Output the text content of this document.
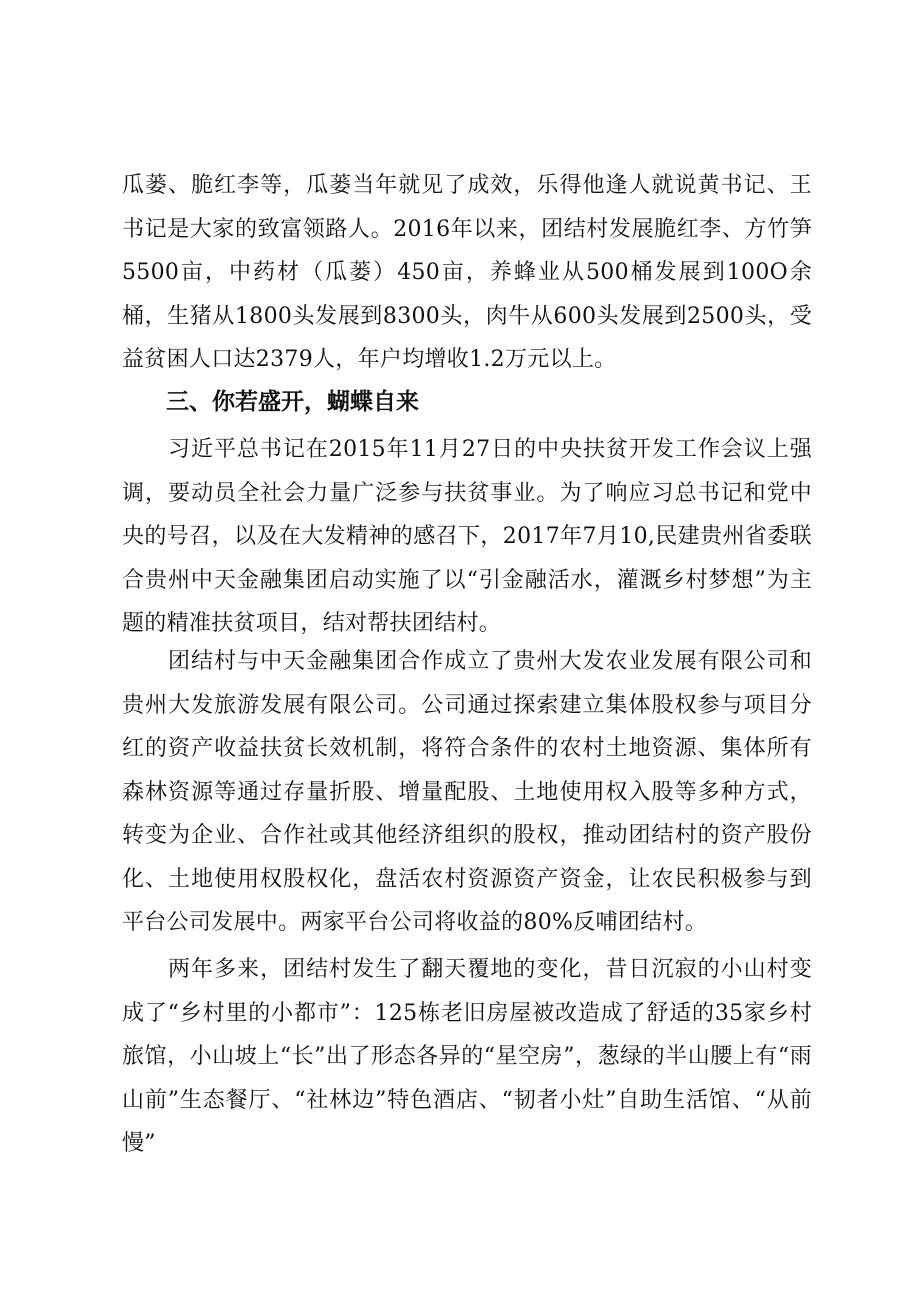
瓜蒌、脆红李等，瓜蒌当年就见了成效，乐得他逢人就说黄书记、王书记是大家的致富领路人。2016年以来，团结村发展脆红李、方竹笋5500亩，中药材（瓜蒌）450亩，养蜂业从500桶发展到100O余桶，生猪从1800头发展到8300头，肉牛从600头发展到2500头，受益贫困人口达2379人，年户均增收1.2万元以上。

三、你若盛开，蝴蝶自来

习近平总书记在2015年11月27日的中央扶贫开发工作会议上强调，要动员全社会力量广泛参与扶贫事业。为了响应习总书记和党中央的号召，以及在大发精神的感召下，2017年7月10,民建贵州省委联合贵州中天金融集团启动实施了以“引金融活水，灌溉乡村梦想”为主题的精准扶贫项目，结对帮扶团结村。

团结村与中天金融集团合作成立了贵州大发农业发展有限公司和贵州大发旅游发展有限公司。公司通过探索建立集体股权参与项目分红的资产收益扶贫长效机制，将符合条件的农村土地资源、集体所有森林资源等通过存量折股、增量配股、土地使用权入股等多种方式，转变为企业、合作社或其他经济组织的股权，推动团结村的资产股份化、土地使用权股权化，盘活农村资源资产资金，让农民积极参与到平台公司发展中。两家平台公司将收益的80%反哺团结村。

两年多来，团结村发生了翻天覆地的变化，昔日沉寂的小山村变成了“乡村里的小都市”：125栋老旧房屋被改造成了舒适的35家乡村旅馆，小山坡上“长”出了形态各异的“星空房”，葱绿的半山腰上有“雨山前”生态餐厅、“社林边”特色酒店、“韧者小灶”自助生活馆、“从前慢”
